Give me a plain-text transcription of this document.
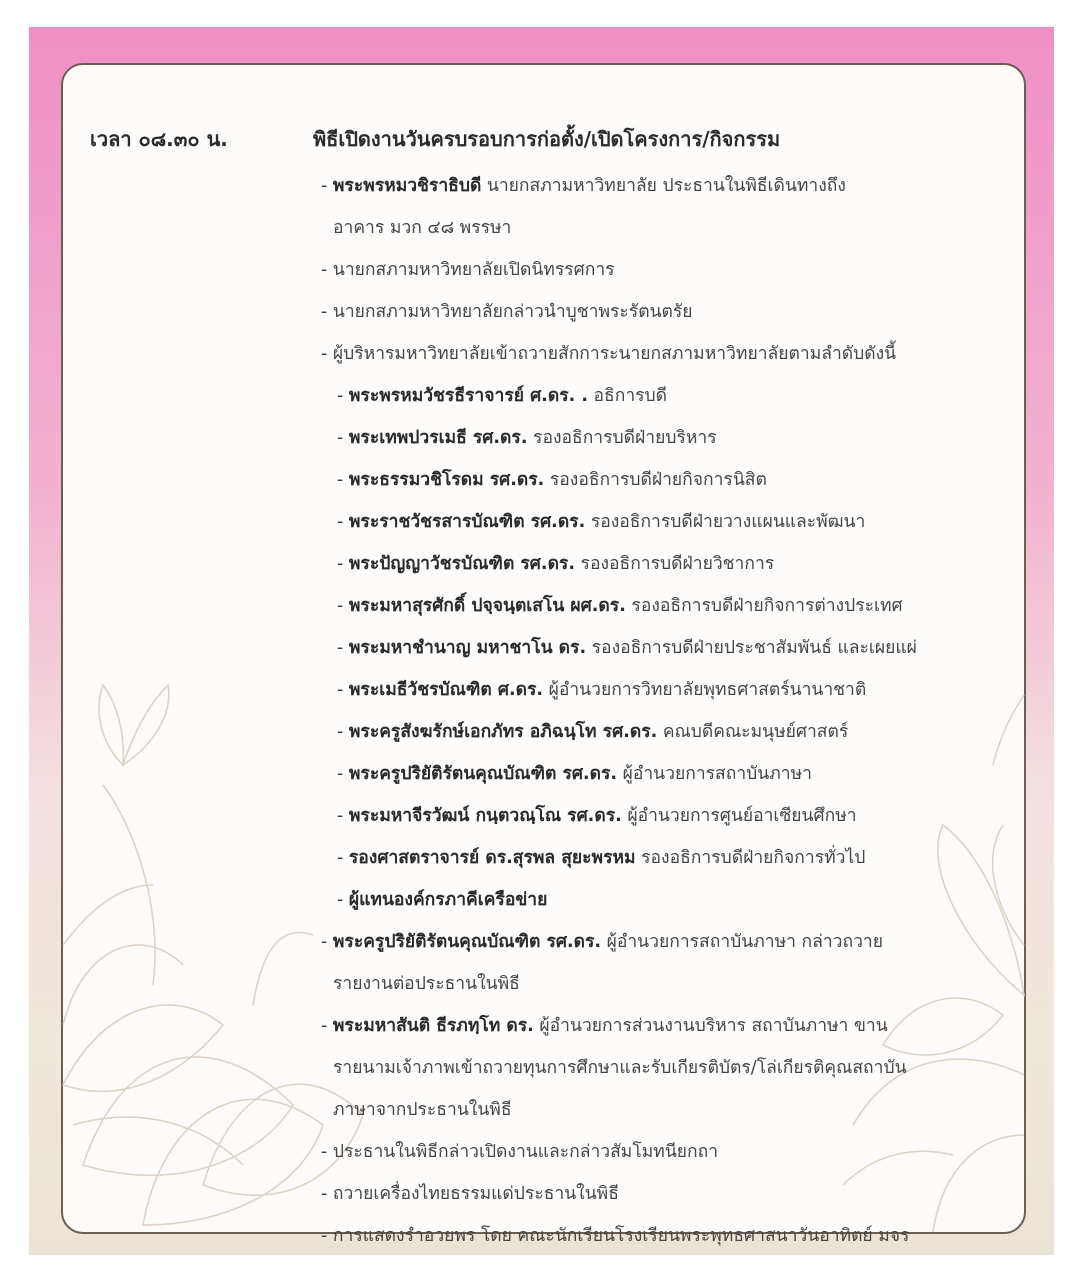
เวลา ๐๘.๓๐ น.	พิธีเปิดงานวันครบรอบการก่อตั้ง/เปิดโครงการ/กิจกรรม
- พระพรหมวชิราธิบดี นายกสภามหาวิทยาลัย ประธานในพิธีเดินทางถึง
อาคาร มวก ๔๘ พรรษา
- นายกสภามหาวิทยาลัยเปิดนิทรรศการ
- นายกสภามหาวิทยาลัยกล่าวนำบูชาพระรัตนตรัย
- ผู้บริหารมหาวิทยาลัยเข้าถวายสักการะนายกสภามหาวิทยาลัยตามลำดับดังนี้
- พระพรหมวัชรธีราจารย์ ศ.ดร. . อธิการบดี
- พระเทพปวรเมธี รศ.ดร. รองอธิการบดีฝ่ายบริหาร
- พระธรรมวชิโรดม รศ.ดร. รองอธิการบดีฝ่ายกิจการนิสิต
- พระราชวัชรสารบัณฑิต รศ.ดร. รองอธิการบดีฝ่ายวางแผนและพัฒนา
- พระปัญญาวัชรบัณฑิต รศ.ดร. รองอธิการบดีฝ่ายวิชาการ
- พระมหาสุรศักดิ์ ปจฺจนฺตเสโน ผศ.ดร. รองอธิการบดีฝ่ายกิจการต่างประเทศ
- พระมหาชำนาญ มหาชาโน ดร. รองอธิการบดีฝ่ายประชาสัมพันธ์ และเผยแผ่
- พระเมธีวัชรบัณฑิต ศ.ดร. ผู้อำนวยการวิทยาลัยพุทธศาสตร์นานาชาติ
- พระครูสังฆรักษ์เอกภัทร อภิฉนฺโท รศ.ดร. คณบดีคณะมนุษย์ศาสตร์
- พระครูปริยัติรัตนคุณบัณฑิต รศ.ดร. ผู้อำนวยการสถาบันภาษา
- พระมหาจีรวัฒน์ กนฺตวณฺโณ รศ.ดร. ผู้อำนวยการศูนย์อาเซียนศึกษา
- รองศาสตราจารย์ ดร.สุรพล สุยะพรหม รองอธิการบดีฝ่ายกิจการทั่วไป
- ผู้แทนองค์กรภาคีเครือข่าย
- พระครูปริยัติรัตนคุณบัณฑิต รศ.ดร. ผู้อำนวยการสถาบันภาษา กล่าวถวาย
รายงานต่อประธานในพิธี
- พระมหาสันติ ธีรภทฺโท ดร. ผู้อำนวยการส่วนงานบริหาร สถาบันภาษา ขาน
รายนามเจ้าภาพเข้าถวายทุนการศึกษาและรับเกียรติบัตร/โล่เกียรติคุณสถาบัน
ภาษาจากประธานในพิธี
- ประธานในพิธีกล่าวเปิดงานและกล่าวสัมโมทนียกถา
- ถวายเครื่องไทยธรรมแด่ประธานในพิธี
- การแสดงรำอวยพร โดย คณะนักเรียนโรงเรียนพระพุทธศาสนาวันอาทิตย์ มจร
